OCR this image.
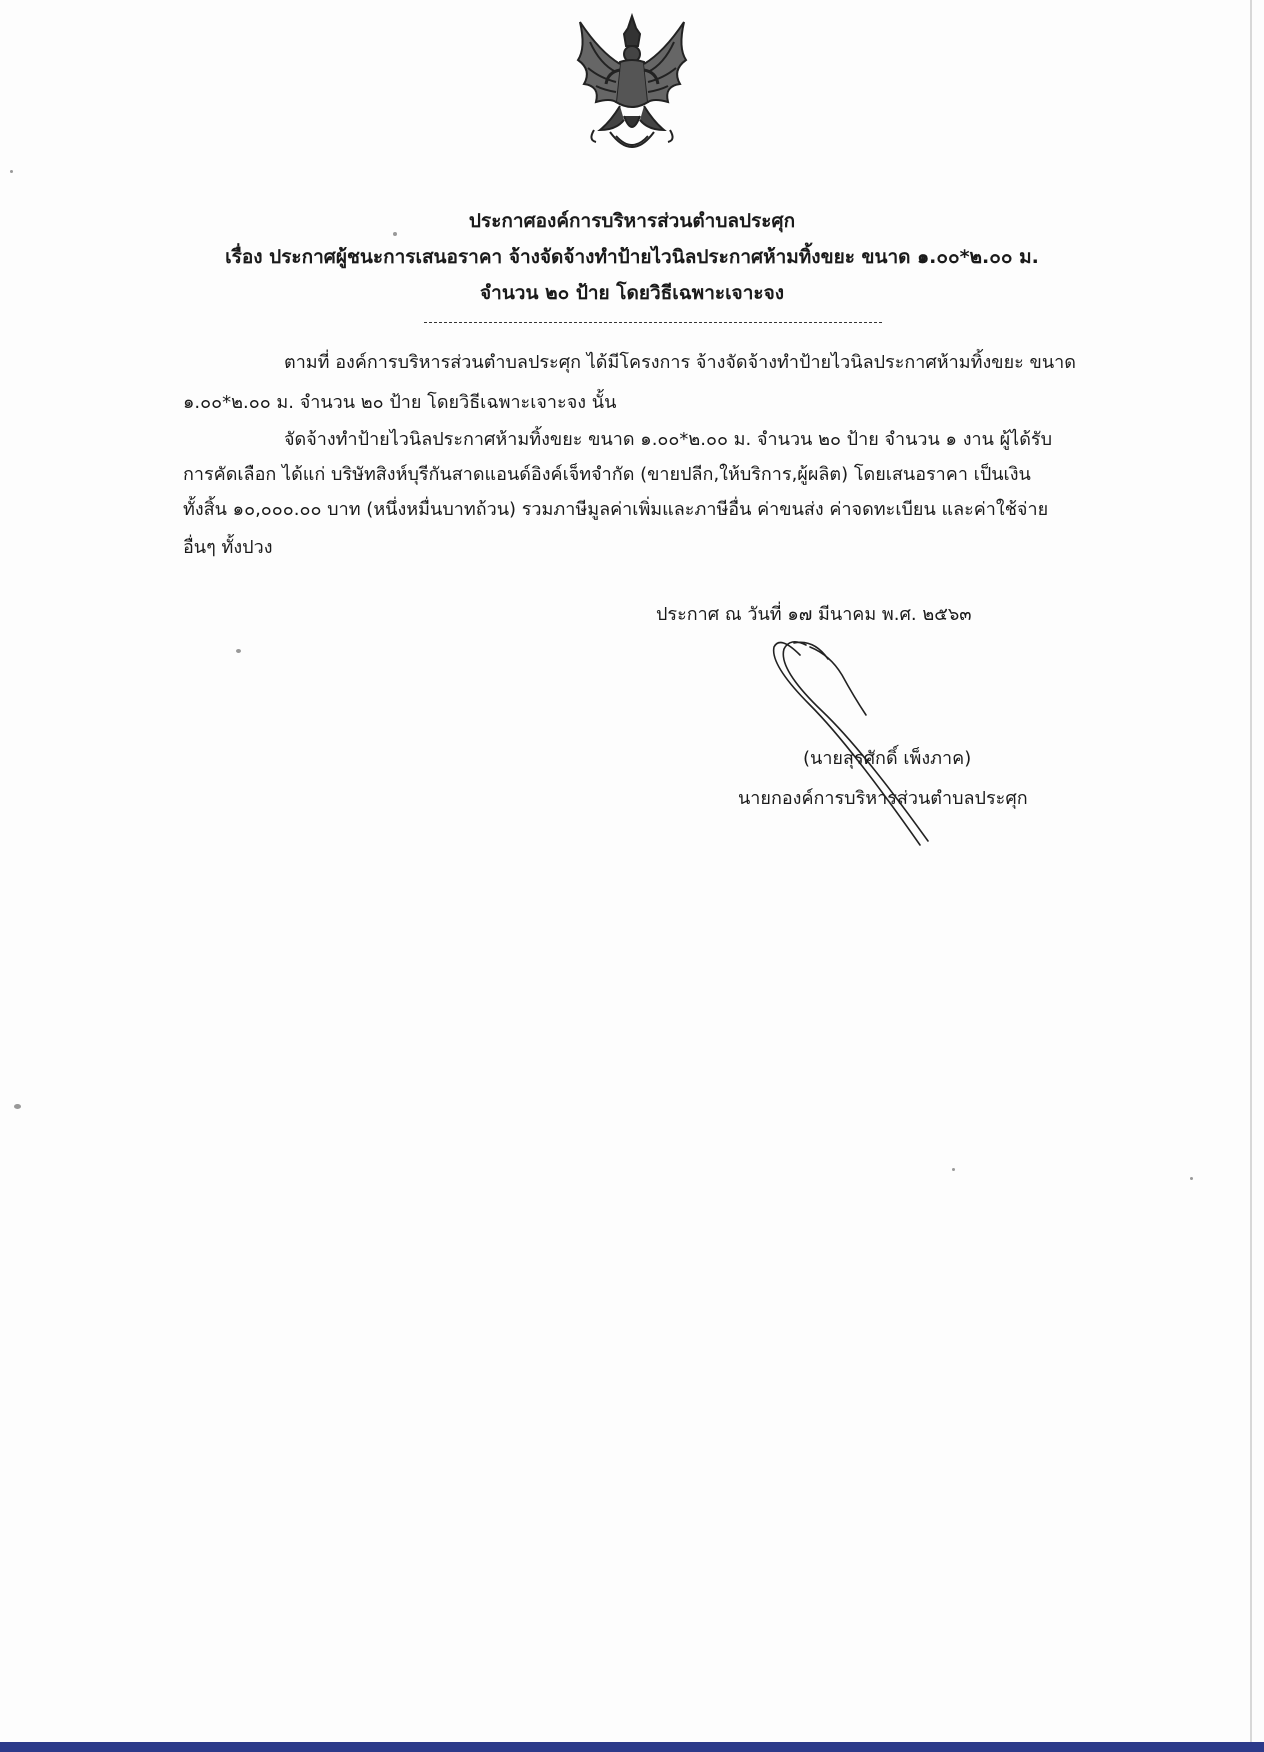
ประกาศองค์การบริหารส่วนตำบลประศุก
เรื่อง ประกาศผู้ชนะการเสนอราคา จ้างจัดจ้างทำป้ายไวนิลประกาศห้ามทิ้งขยะ ขนาด ๑.๐๐*๒.๐๐ ม.
จำนวน ๒๐ ป้าย โดยวิธีเฉพาะเจาะจง
ตามที่ องค์การบริหารส่วนตำบลประศุก ได้มีโครงการ จ้างจัดจ้างทำป้ายไวนิลประกาศห้ามทิ้งขยะ ขนาด
๑.๐๐*๒.๐๐ ม. จำนวน ๒๐ ป้าย โดยวิธีเฉพาะเจาะจง นั้น
จัดจ้างทำป้ายไวนิลประกาศห้ามทิ้งขยะ ขนาด ๑.๐๐*๒.๐๐ ม. จำนวน ๒๐ ป้าย จำนวน ๑ งาน ผู้ได้รับ
การคัดเลือก ได้แก่ บริษัทสิงห์บุรีกันสาดแอนด์อิงค์เจ็ทจำกัด (ขายปลีก,ให้บริการ,ผู้ผลิต) โดยเสนอราคา เป็นเงิน
ทั้งสิ้น ๑๐,๐๐๐.๐๐ บาท (หนึ่งหมื่นบาทถ้วน) รวมภาษีมูลค่าเพิ่มและภาษีอื่น ค่าขนส่ง ค่าจดทะเบียน และค่าใช้จ่าย
อื่นๆ ทั้งปวง
ประกาศ ณ วันที่ ๑๗ มีนาคม พ.ศ. ๒๕๖๓
(นายสุรศักดิ์ เพ็งภาค)
นายกองค์การบริหารส่วนตำบลประศุก
